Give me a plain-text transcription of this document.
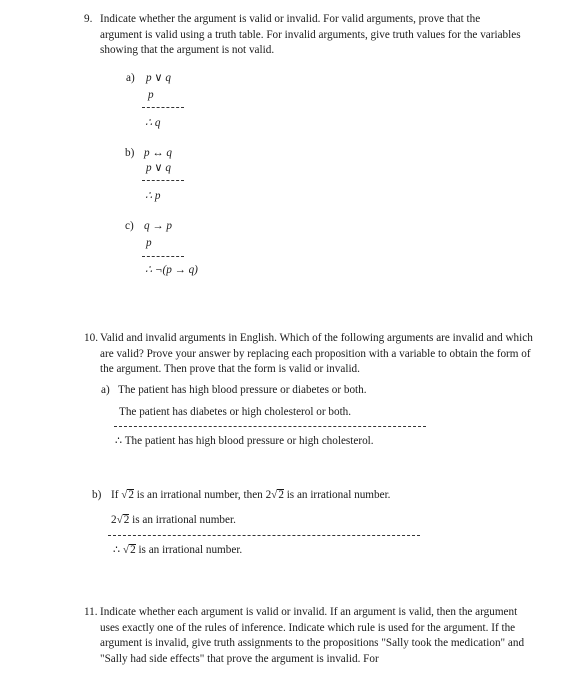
9. Indicate whether the argument is valid or invalid. For valid arguments, prove that the argument is valid using a truth table. For invalid arguments, give truth values for the variables showing that the argument is not valid.
a) p ∨ q
p
∴ q
b) p ↔ q
p ∨ q
∴ p
c) q → p
p
∴ ¬(p → q)
10. Valid and invalid arguments in English. Which of the following arguments are invalid and which are valid? Prove your answer by replacing each proposition with a variable to obtain the form of the argument. Then prove that the form is valid or invalid.
a) The patient has high blood pressure or diabetes or both.
The patient has diabetes or high cholesterol or both.
∴ The patient has high blood pressure or high cholesterol.
b) If √2 is an irrational number, then 2√2 is an irrational number.
2√2 is an irrational number.
∴ √2 is an irrational number.
11. Indicate whether each argument is valid or invalid. If an argument is valid, then the argument uses exactly one of the rules of inference. Indicate which rule is used for the argument. If the argument is invalid, give truth assignments to the propositions "Sally took the medication" and "Sally had side effects" that prove the argument is invalid. For
